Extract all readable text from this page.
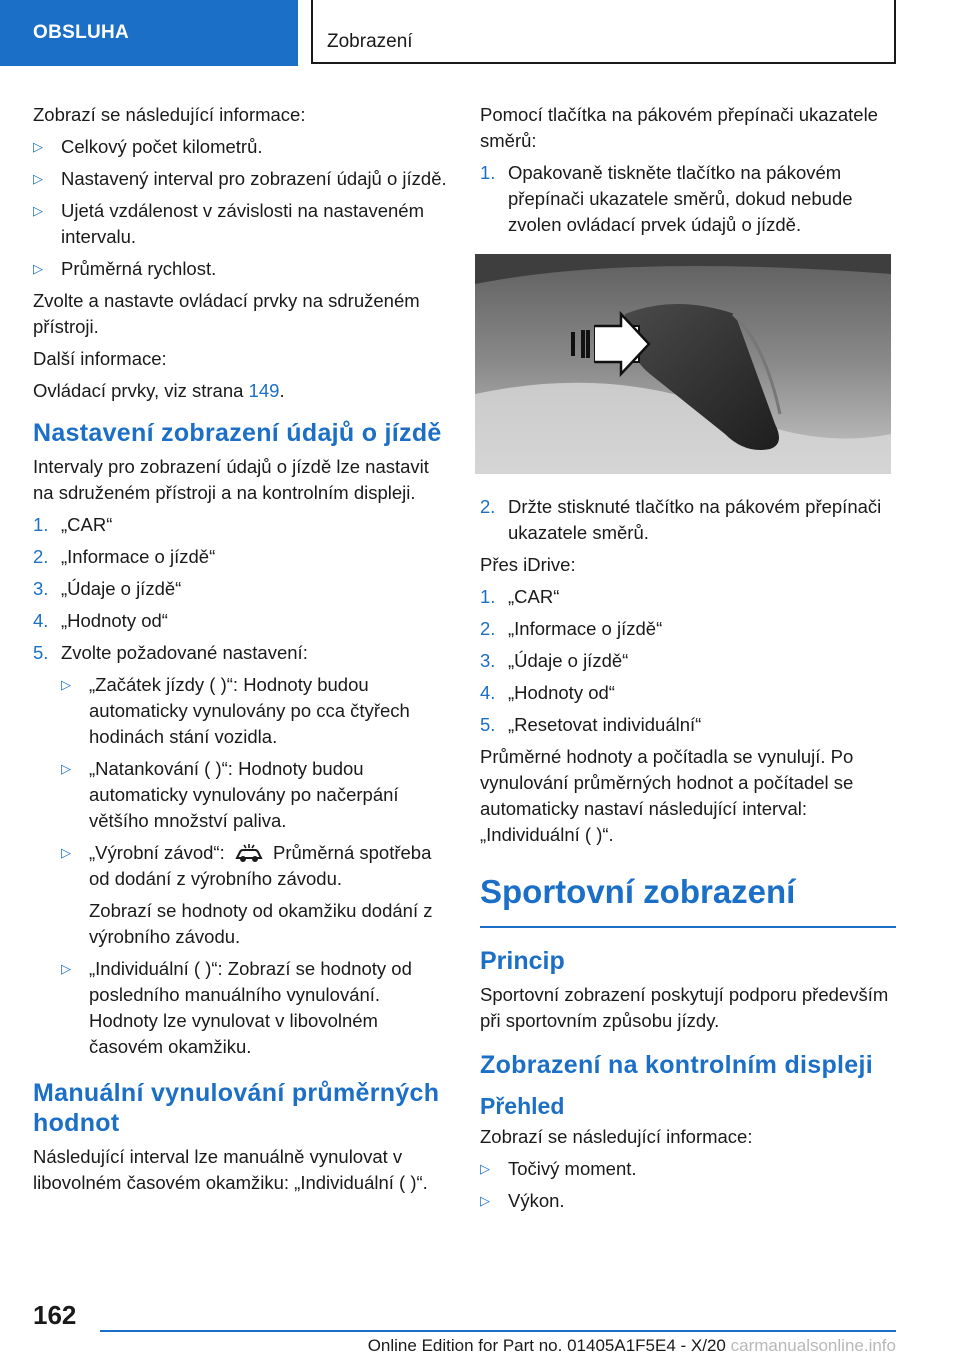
OBSLUHA	Zobrazení

Zobrazí se následující informace:

▷ Celkový počet kilometrů.
▷ Nastavený interval pro zobrazení údajů o jízdě.
▷ Ujetá vzdálenost v závislosti na nastaveném intervalu.
▷ Průměrná rychlost.

Zvolte a nastavte ovládací prvky na sdruženém přístroji.

Další informace:

Ovládací prvky, viz strana 149.

Nastavení zobrazení údajů o jízdě

Intervaly pro zobrazení údajů o jízdě lze nastavit na sdruženém přístroji a na kontrolním displeji.

1. „CAR“
2. „Informace o jízdě“
3. „Údaje o jízdě“
4. „Hodnoty od“
5. Zvolte požadované nastavení:
▷ „Začátek jízdy ( )“: Hodnoty budou automaticky vynulovány po cca čtyřech hodinách stání vozidla.
▷ „Natankování ( )“: Hodnoty budou automaticky vynulovány po načerpání většího množství paliva.
▷ „Výrobní závod“:	Průměrná spotřeba od dodání z výrobního závodu.

Zobrazí se hodnoty od okamžiku dodání z výrobního závodu.

▷ „Individuální ( )“: Zobrazí se hodnoty od posledního manuálního vynulování. Hodnoty lze vynulovat v libovolném časovém okamžiku.
Manuální vynulování průměrných hodnot

Následující interval lze manuálně vynulovat v libovolném časovém okamžiku: „Individuální ( )“.

Pomocí tlačítka na pákovém přepínači ukazatele směrů:

1. Opakovaně tiskněte tlačítko na pákovém přepínači ukazatele směrů, dokud nebude zvolen ovládací prvek údajů o jízdě.
2. Držte stisknuté tlačítko na pákovém přepínači ukazatele směrů.

Přes iDrive:

1. „CAR“
2. „Informace o jízdě“
3. „Údaje o jízdě“
4. „Hodnoty od“
5. „Resetovat individuální“

Průměrné hodnoty a počítadla se vynulují. Po vynulování průměrných hodnot a počítadel se automaticky nastaví následující interval: „Individuální ( )“.

Sportovní zobrazení
Princip

Sportovní zobrazení poskytují podporu především při sportovním způsobu jízdy.

Zobrazení na kontrolním displeji
Přehled

Zobrazí se následující informace:

▷ Točivý moment.
▷ Výkon.
162
Online Edition for Part no. 01405A1F5E4 - X/20 carmanualsonline.info
